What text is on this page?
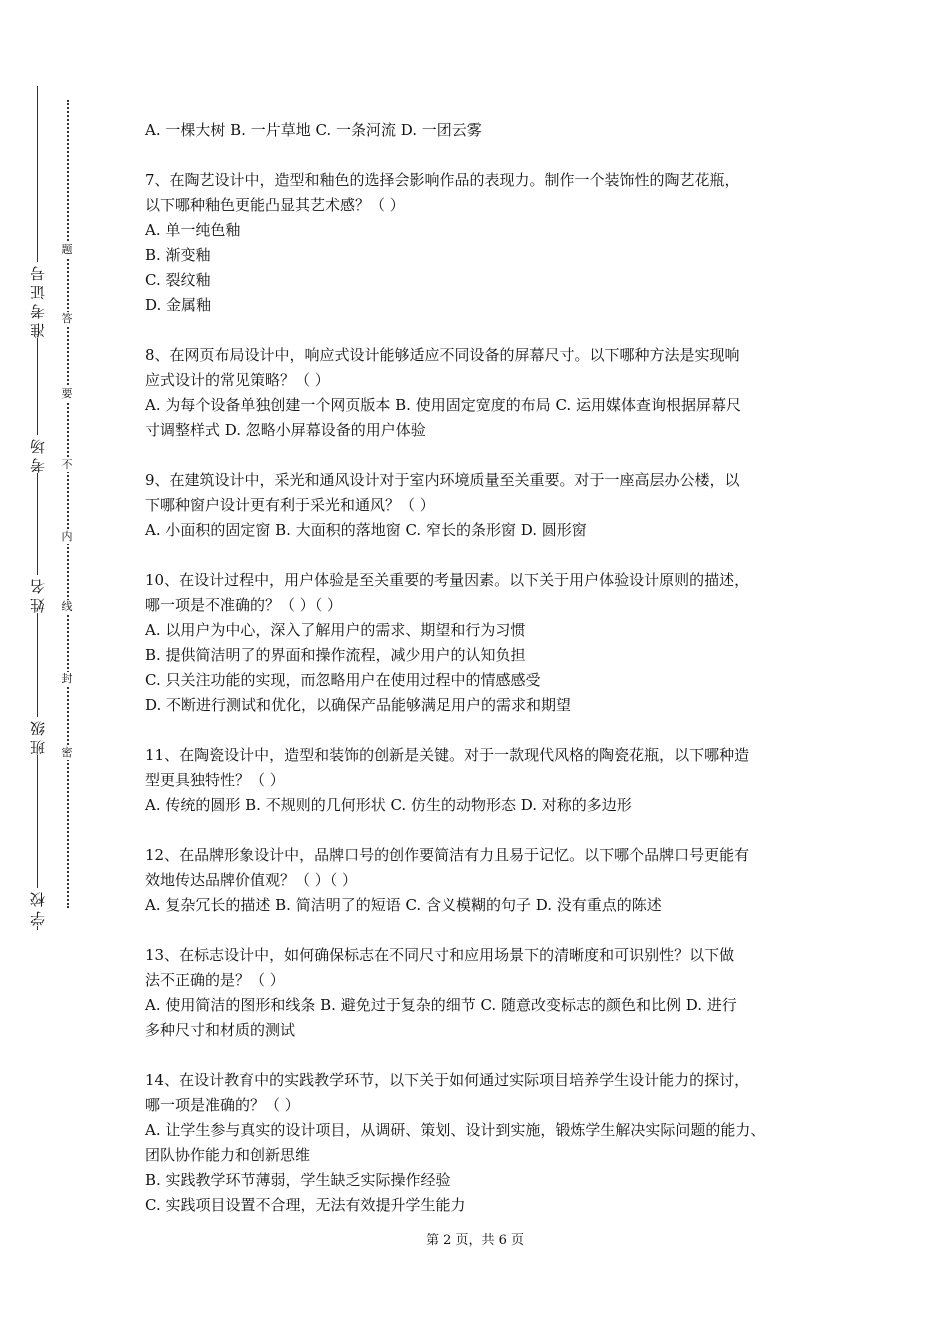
准考证号
考场
姓名
班级
学校
题
答
要
不
内
线
封
密
A. 一棵大树 B. 一片草地 C. 一条河流 D. 一团云雾
7、在陶艺设计中，造型和釉色的选择会影响作品的表现力。制作一个装饰性的陶艺花瓶，
以下哪种釉色更能凸显其艺术感？（ ）
A. 单一纯色釉
B. 渐变釉
C. 裂纹釉
D. 金属釉
8、在网页布局设计中，响应式设计能够适应不同设备的屏幕尺寸。以下哪种方法是实现响
应式设计的常见策略？（ ）
A. 为每个设备单独创建一个网页版本 B. 使用固定宽度的布局 C. 运用媒体查询根据屏幕尺
寸调整样式 D. 忽略小屏幕设备的用户体验
9、在建筑设计中，采光和通风设计对于室内环境质量至关重要。对于一座高层办公楼，以
下哪种窗户设计更有利于采光和通风？（ ）
A. 小面积的固定窗 B. 大面积的落地窗 C. 窄长的条形窗 D. 圆形窗
10、在设计过程中，用户体验是至关重要的考量因素。以下关于用户体验设计原则的描述，
哪一项是不准确的？（ ）（ ）
A. 以用户为中心，深入了解用户的需求、期望和行为习惯
B. 提供简洁明了的界面和操作流程，减少用户的认知负担
C. 只关注功能的实现，而忽略用户在使用过程中的情感感受
D. 不断进行测试和优化，以确保产品能够满足用户的需求和期望
11、在陶瓷设计中，造型和装饰的创新是关键。对于一款现代风格的陶瓷花瓶，以下哪种造
型更具独特性？（ ）
A. 传统的圆形 B. 不规则的几何形状 C. 仿生的动物形态 D. 对称的多边形
12、在品牌形象设计中，品牌口号的创作要简洁有力且易于记忆。以下哪个品牌口号更能有
效地传达品牌价值观？（ ）（ ）
A. 复杂冗长的描述 B. 简洁明了的短语 C. 含义模糊的句子 D. 没有重点的陈述
13、在标志设计中，如何确保标志在不同尺寸和应用场景下的清晰度和可识别性？以下做
法不正确的是？（ ）
A. 使用简洁的图形和线条 B. 避免过于复杂的细节 C. 随意改变标志的颜色和比例 D. 进行
多种尺寸和材质的测试
14、在设计教育中的实践教学环节，以下关于如何通过实际项目培养学生设计能力的探讨，
哪一项是准确的？（ ）
A. 让学生参与真实的设计项目，从调研、策划、设计到实施，锻炼学生解决实际问题的能力、
团队协作能力和创新思维
B. 实践教学环节薄弱，学生缺乏实际操作经验
C. 实践项目设置不合理，无法有效提升学生能力
第 2 页，共 6 页
